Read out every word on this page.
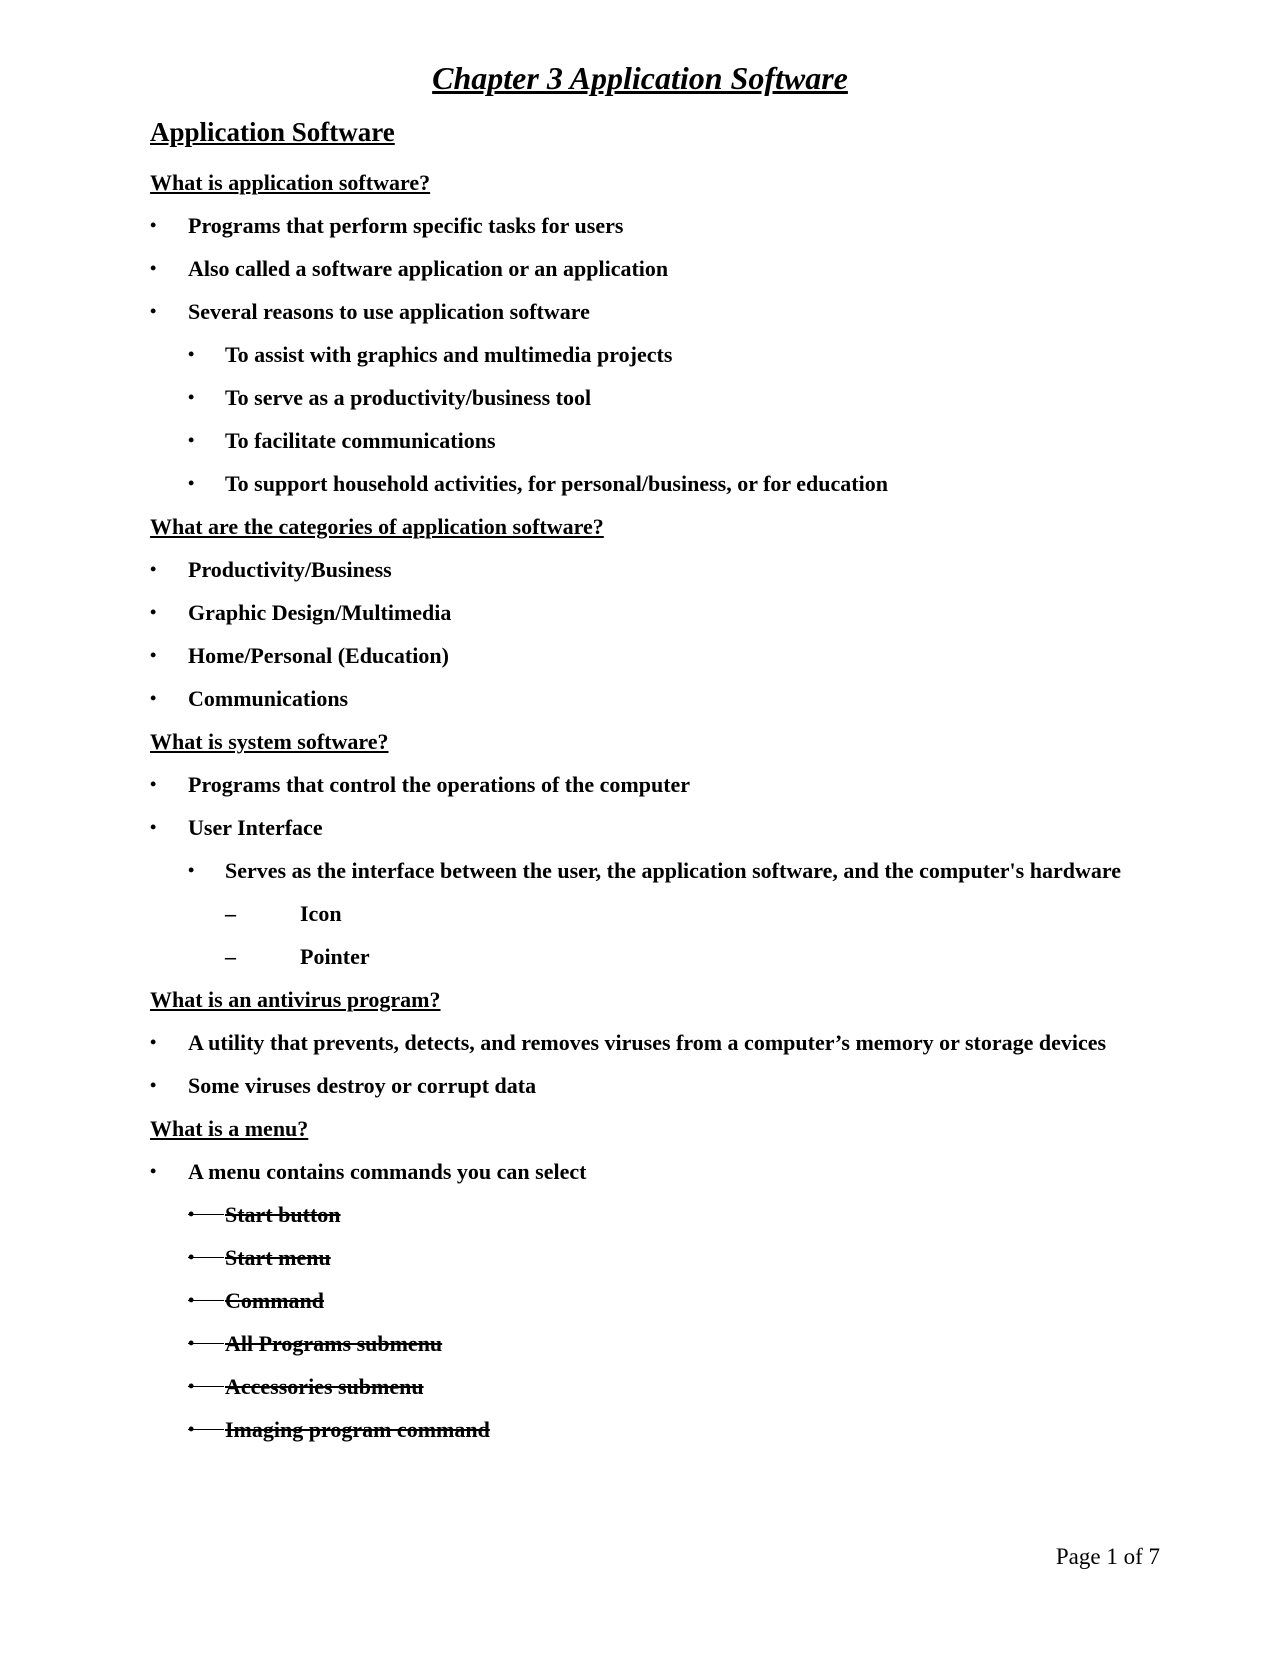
Chapter 3 Application Software
Application Software
What is application software?
• Programs that perform specific tasks for users
• Also called a software application or an application
• Several reasons to use application software
• To assist with graphics and multimedia projects
• To serve as a productivity/business tool
• To facilitate communications
• To support household activities, for personal/business, or for education
What are the categories of application software?
• Productivity/Business
• Graphic Design/Multimedia
• Home/Personal (Education)
• Communications
What is system software?
• Programs that control the operations of the computer
• User Interface
• Serves as the interface between the user, the application software, and the computer's hardware
–	Icon
–	Pointer
What is an antivirus program?
• A utility that prevents, detects, and removes viruses from a computer’s memory or storage devices
• Some viruses destroy or corrupt data
What is a menu?
• A menu contains commands you can select
• Start button
• Start menu
• Command
• All Programs submenu
• Accessories submenu
• Imaging program command
Page 1 of 7
